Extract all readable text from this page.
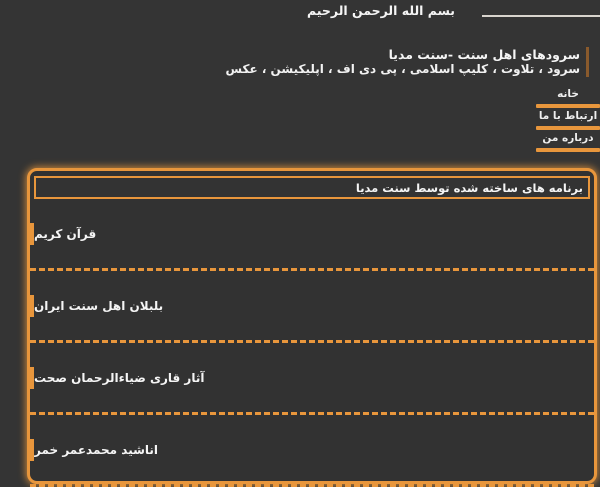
بسم الله الرحمن الرحيم
سرودهای اهل سنت -سنت مدیا
سرود ، تلاوت ، کلیپ اسلامی ، پی دی اف ، اپلیکیشن ، عکس
خانه
ارتباط با ما
درباره من
برنامه های ساخته شده توسط سنت مدیا
قرآن کریم
بلبلان اهل سنت ایران
آثار قاری ضیاءالرحمان صحت
اناشید محمدعمر خمر
